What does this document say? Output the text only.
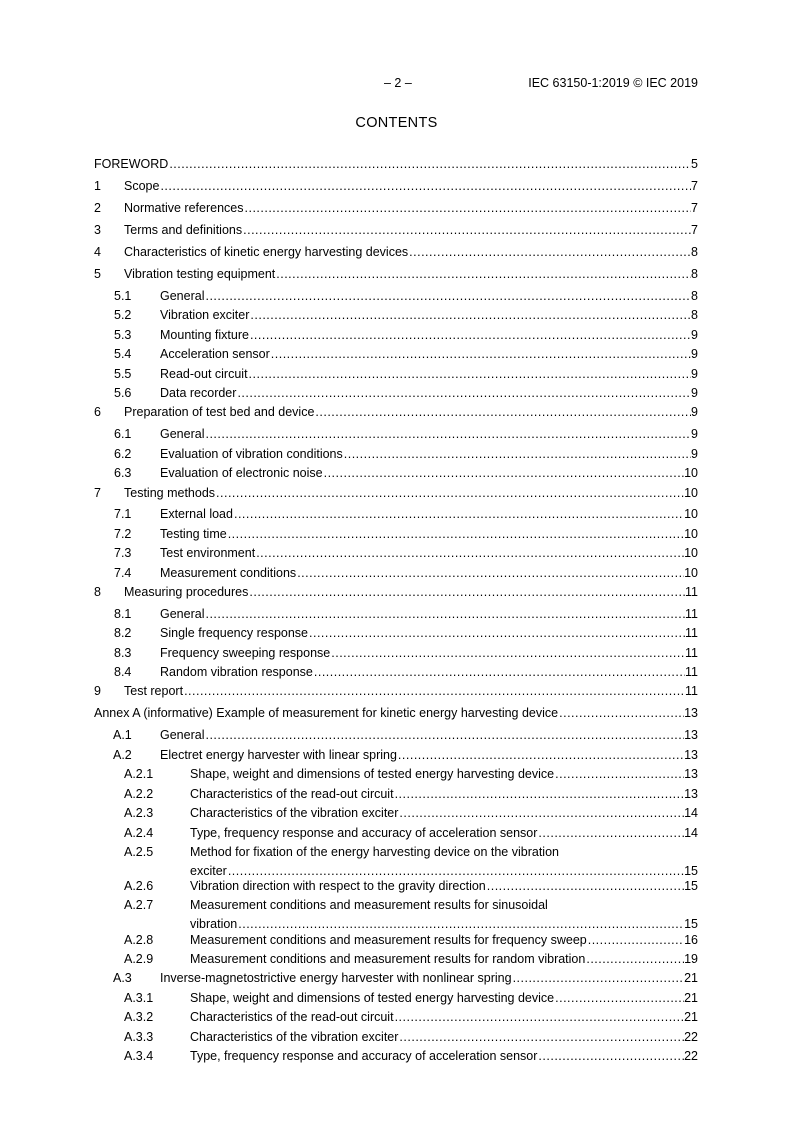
– 2 –	IEC 63150-1:2019 © IEC 2019
CONTENTS
FOREWORD .....	5
1	Scope .....	7
2	Normative references .....	7
3	Terms and definitions .....	7
4	Characteristics of kinetic energy harvesting devices .....	8
5	Vibration testing equipment .....	8
5.1	General .....	8
5.2	Vibration exciter .....	8
5.3	Mounting fixture .....	9
5.4	Acceleration sensor .....	9
5.5	Read-out circuit .....	9
5.6	Data recorder .....	9
6	Preparation of test bed and device .....	9
6.1	General .....	9
6.2	Evaluation of vibration conditions .....	9
6.3	Evaluation of electronic noise .....	10
7	Testing methods .....	10
7.1	External load .....	10
7.2	Testing time .....	10
7.3	Test environment .....	10
7.4	Measurement conditions .....	10
8	Measuring procedures .....	11
8.1	General .....	11
8.2	Single frequency response .....	11
8.3	Frequency sweeping response .....	11
8.4	Random vibration response .....	11
9	Test report .....	11
Annex A (informative) Example of measurement for kinetic energy harvesting device .....	13
A.1	General .....	13
A.2	Electret energy harvester with linear spring .....	13
A.2.1	Shape, weight and dimensions of tested energy harvesting device .....	13
A.2.2	Characteristics of the read-out circuit .....	13
A.2.3	Characteristics of the vibration exciter .....	14
A.2.4	Type, frequency response and accuracy of acceleration sensor .....	14
A.2.5	Method for fixation of the energy harvesting device on the vibration
exciter .....	15
A.2.6	Vibration direction with respect to the gravity direction .....	15
A.2.7	Measurement conditions and measurement results for sinusoidal
vibration .....	15
A.2.8	Measurement conditions and measurement results for frequency sweep .....	16
A.2.9	Measurement conditions and measurement results for random vibration .....	19
A.3	Inverse-magnetostrictive energy harvester with nonlinear spring .....	21
A.3.1	Shape, weight and dimensions of tested energy harvesting device .....	21
A.3.2	Characteristics of the read-out circuit .....	21
A.3.3	Characteristics of the vibration exciter .....	22
A.3.4	Type, frequency response and accuracy of acceleration sensor .....	22
